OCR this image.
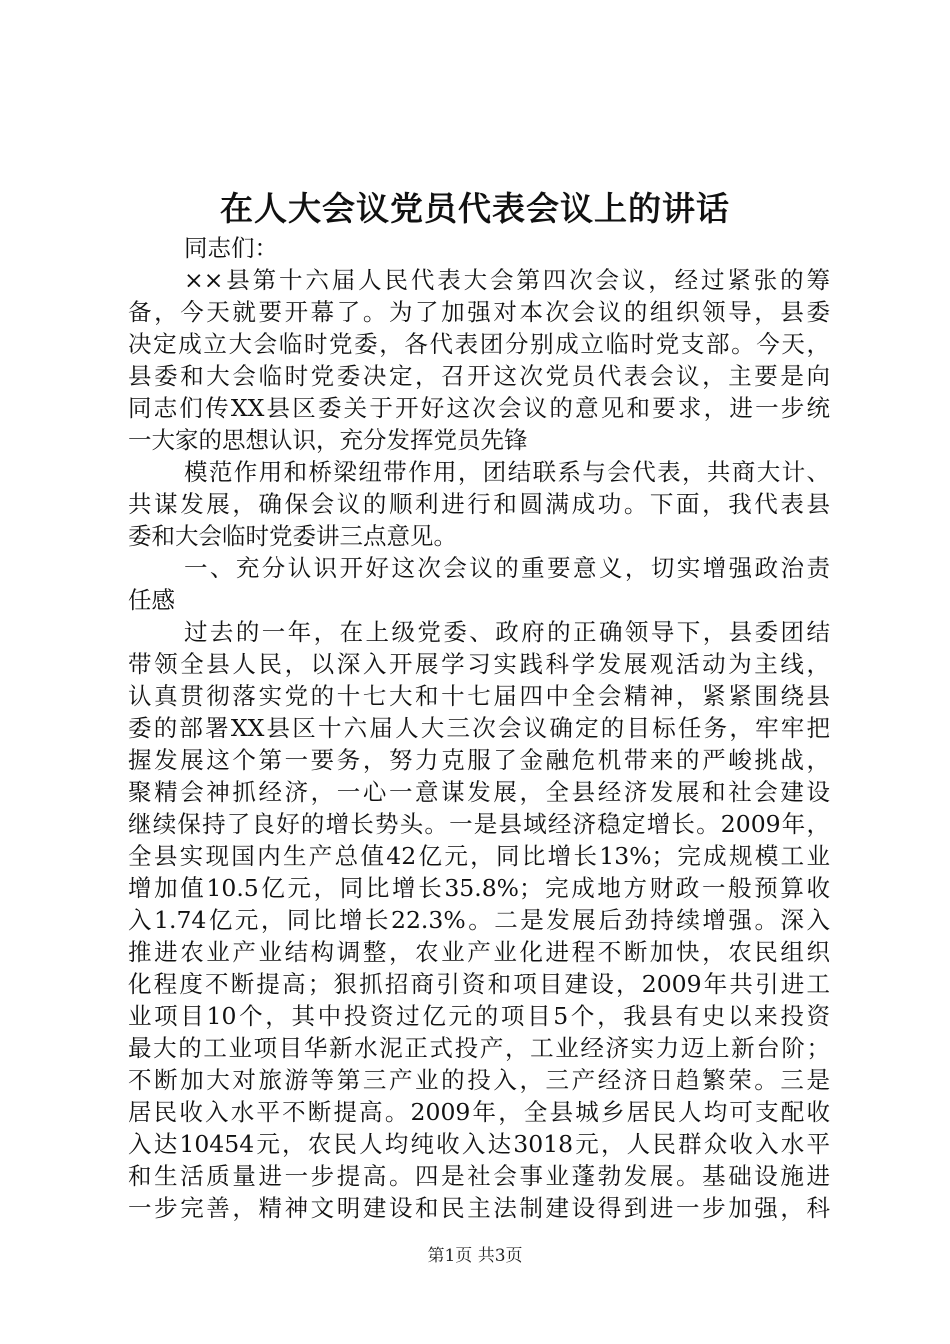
在人大会议党员代表会议上的讲话
同志们：
××县第十六届人民代表大会第四次会议，经过紧张的筹
备，今天就要开幕了。为了加强对本次会议的组织领导，县委
决定成立大会临时党委，各代表团分别成立临时党支部。今天，
县委和大会临时党委决定，召开这次党员代表会议，主要是向
同志们传XX县区委关于开好这次会议的意见和要求，进一步统
一大家的思想认识，充分发挥党员先锋
模范作用和桥梁纽带作用，团结联系与会代表，共商大计、
共谋发展，确保会议的顺利进行和圆满成功。下面，我代表县
委和大会临时党委讲三点意见。
一、充分认识开好这次会议的重要意义，切实增强政治责
任感
过去的一年，在上级党委、政府的正确领导下，县委团结
带领全县人民，以深入开展学习实践科学发展观活动为主线，
认真贯彻落实党的十七大和十七届四中全会精神，紧紧围绕县
委的部署XX县区十六届人大三次会议确定的目标任务，牢牢把
握发展这个第一要务，努力克服了金融危机带来的严峻挑战，
聚精会神抓经济，一心一意谋发展，全县经济发展和社会建设
继续保持了良好的增长势头。一是县域经济稳定增长。2009年，
全县实现国内生产总值42亿元，同比增长13%；完成规模工业
增加值10.5亿元，同比增长35.8%；完成地方财政一般预算收
入1.74亿元，同比增长22.3%。二是发展后劲持续增强。深入
推进农业产业结构调整，农业产业化进程不断加快，农民组织
化程度不断提高；狠抓招商引资和项目建设，2009年共引进工
业项目10个，其中投资过亿元的项目5个，我县有史以来投资
最大的工业项目华新水泥正式投产，工业经济实力迈上新台阶；
不断加大对旅游等第三产业的投入，三产经济日趋繁荣。三是
居民收入水平不断提高。2009年，全县城乡居民人均可支配收
入达10454元，农民人均纯收入达3018元，人民群众收入水平
和生活质量进一步提高。四是社会事业蓬勃发展。基础设施进
一步完善，精神文明建设和民主法制建设得到进一步加强，科
第1页 共3页
